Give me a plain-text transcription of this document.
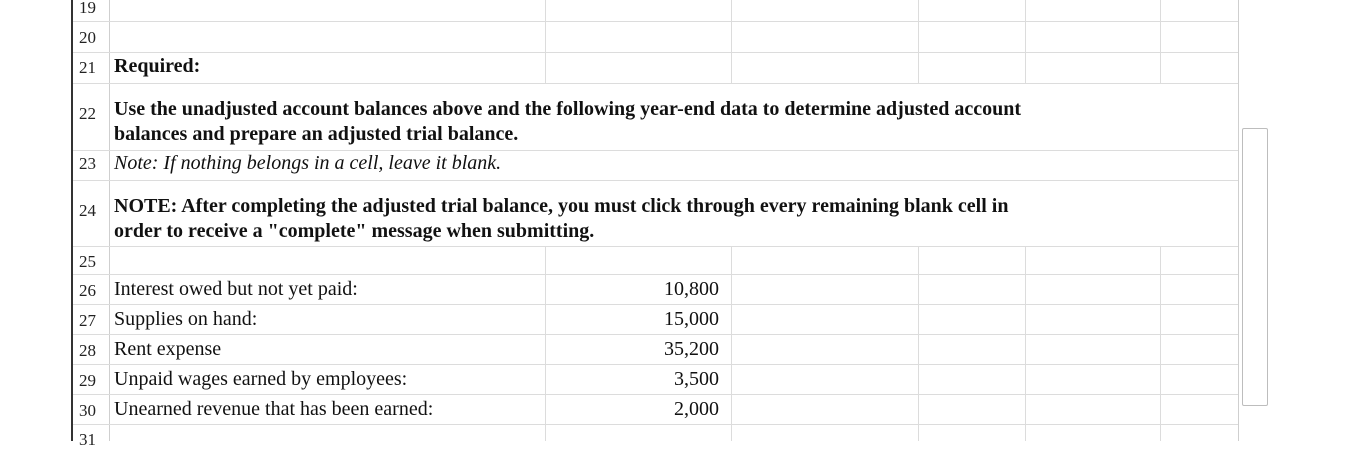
19
20
21
22
23
24
25
26
27
28
29
30
31
Required:
Use the unadjusted account balances above and the following year-end data to determine adjusted account
balances and prepare an adjusted trial balance.
Note: If nothing belongs in a cell, leave it blank.
NOTE: After completing the adjusted trial balance, you must click through every remaining blank cell in
order to receive a "complete" message when submitting.
Interest owed but not yet paid:
Supplies on hand:
Rent expense
Unpaid wages earned by employees:
Unearned revenue that has been earned:
10,800
15,000
35,200
3,500
2,000
